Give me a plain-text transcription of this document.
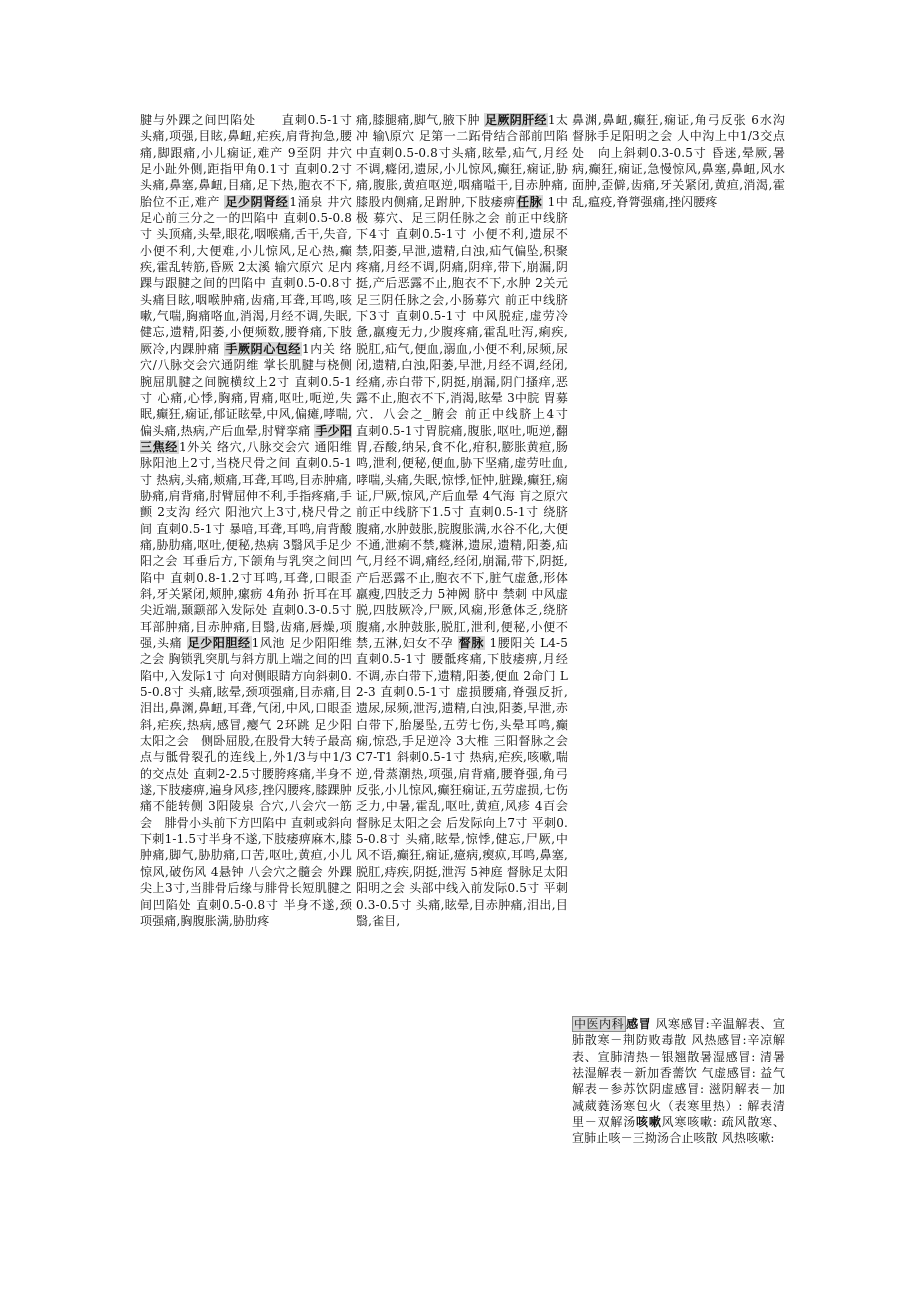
腱与外踝之间凹陷处　　直刺0.5-1寸 头痛,项强,目眩,鼻衄,疟疾,肩背拘急,腰痛,脚跟痛,小儿痫证,难产 9至阴 井穴 足小趾外侧,距指甲角0.1寸 直刺0.2寸 头痛,鼻塞,鼻衄,目痛,足下热,胞衣不下,胎位不正,难产 足少阴肾经1涌泉 井穴 足心前三分之一的凹陷中 直刺0.5-0.8寸 头顶痛,头晕,眼花,咽喉痛,舌干,失音,小便不利,大便难,小儿惊风,足心热,癫疾,霍乱转筋,昏厥 2太溪 输穴原穴 足内踝与跟腱之间的凹陷中 直刺0.5-0.8寸头痛目眩,咽喉肿痛,齿痛,耳聋,耳鸣,咳嗽,气喘,胸痛咯血,消渴,月经不调,失眠,健忘,遗精,阳萎,小便频数,腰脊痛,下肢厥冷,内踝肿痛 手厥阴心包经1内关 络穴/八脉交会穴通阴维 掌长肌腱与桡侧腕屈肌腱之间腕横纹上2寸 直刺0.5-1寸 心痛,心悸,胸痛,胃痛,呕吐,呃逆,失眠,癫狂,痫证,郁证眩晕,中风,偏瘫,哮喘,偏头痛,热病,产后血晕,肘臂挛痛 手少阳三焦经1外关 络穴,八脉交会穴 通阳维脉阳池上2寸,当桡尺骨之间 直刺0.5-1寸 热病,头痛,颊痛,耳聋,耳鸣,目赤肿痛,胁痛,肩背痛,肘臂屈伸不利,手指疼痛,手颤 2支沟 经穴 阳池穴上3寸,桡尺骨之间 直刺0.5-1寸 暴喑,耳聋,耳鸣,肩背酸痛,胁肋痛,呕吐,便秘,热病 3翳风手足少阳之会 耳垂后方,下颌角与乳突之间凹陷中 直刺0.8-1.2寸耳鸣,耳聋,口眼歪斜,牙关紧闭,颊肿,瘰疬 4角孙 折耳在耳尖近端,颞颥部入发际处 直刺0.3-0.5寸耳部肿痛,目赤肿痛,目翳,齿痛,唇燥,项强,头痛 足少阳胆经1风池 足少阳阳维之会 胸锁乳突肌与斜方肌上端之间的凹陷中,入发际1寸 向对侧眼睛方向斜刺0.5-0.8寸 头痛,眩晕,颈项强痛,目赤痛,目泪出,鼻渊,鼻衄,耳聋,气闭,中风,口眼歪斜,疟疾,热病,感冒,瘿气 2环跳 足少阳太阳之会　侧卧屈股,在股骨大转子最高点与骶骨裂孔的连线上,外1/3与中1/3的交点处 直刺2-2.5寸腰胯疼痛,半身不遂,下肢痿痹,遍身风疹,挫闪腰疼,膝踝肿痛不能转侧 3阳陵泉 合穴,八会穴一筋会　腓骨小头前下方凹陷中 直刺或斜向下刺1-1.5寸半身不遂,下肢痿痹麻木,膝肿痛,脚气,胁肋痛,口苦,呕吐,黄疸,小儿惊风,破伤风 4悬钟 八会穴之髓会 外踝尖上3寸,当腓骨后缘与腓骨长短肌腱之间凹陷处 直刺0.5-0.8寸 半身不遂,颈项强痛,胸腹胀满,胁肋疼
痛,膝腿痛,脚气,腋下肿 足厥阴肝经1太冲 输\原穴 足第一二跖骨结合部前凹陷中直刺0.5-0.8寸头痛,眩晕,疝气,月经不调,癃闭,遗尿,小儿惊风,癫狂,痫证,胁痛,腹胀,黄疸呕逆,咽痛嗌干,目赤肿痛,膝股内侧痛,足跗肿,下肢痿痹任脉 1中极 募穴、足三阴任脉之会 前正中线脐下4寸 直刺0.5-1寸 小便不利,遗尿不禁,阳萎,早泄,遗精,白浊,疝气偏坠,积聚疼痛,月经不调,阴痛,阴痒,带下,崩漏,阴挺,产后恶露不止,胞衣不下,水肿 2关元 足三阴任脉之会,小肠募穴 前正中线脐下3寸 直刺0.5-1寸 中风脱症,虚劳冷惫,羸瘦无力,少腹疼痛,霍乱吐泻,痢疾,脱肛,疝气,便血,溺血,小便不利,尿频,尿闭,遗精,白浊,阳萎,早泄,月经不调,经闭,经痛,赤白带下,阴挺,崩漏,阴门搔痒,恶露不止,胞衣不下,消渴,眩晕 3中脘 胃募穴．八会之_腑会 前正中线脐上4寸　　直刺0.5-1寸胃脘痛,腹胀,呕吐,呃逆,翻胃,吞酸,纳呆,食不化,疳积,膨胀黄疸,肠鸣,泄利,便秘,便血,胁下坚痛,虚劳吐血,哮喘,头痛,失眠,惊悸,怔忡,脏躁,癫狂,痫证,尸厥,惊风,产后血晕 4气海 肓之原穴 前正中线脐下1.5寸 直刺0.5-1寸 绕脐腹痛,水肿鼓胀,脘腹胀满,水谷不化,大便不通,泄痢不禁,癃淋,遗尿,遗精,阳萎,疝气,月经不调,痛经,经闭,崩漏,带下,阴挺,产后恶露不止,胞衣不下,脏气虚惫,形体羸瘦,四肢乏力 5神阙 脐中 禁刺 中风虚脱,四肢厥冷,尸厥,风痫,形惫体乏,绕脐腹痛,水肿鼓胀,脱肛,泄利,便秘,小便不禁,五淋,妇女不孕 督脉 1腰阳关 L4-5 直刺0.5-1寸 腰骶疼痛,下肢痿痹,月经不调,赤白带下,遗精,阳萎,便血 2命门 L2-3 直刺0.5-1寸 虚损腰痛,脊强反折,遗尿,尿频,泄泻,遗精,白浊,阳萎,早泄,赤白带下,胎屡坠,五劳七伤,头晕耳鸣,癫痫,惊恐,手足逆冷 3大椎 三阳督脉之会 C7-T1 斜刺0.5-1寸 热病,疟疾,咳嗽,喘逆,骨蒸潮热,项强,肩背痛,腰脊强,角弓反张,小儿惊风,癫狂痫证,五劳虚损,七伤乏力,中暑,霍乱,呕吐,黄疸,风疹 4百会 督脉足太阳之会 后发际向上7寸 平刺0.5-0.8寸 头痛,眩晕,惊悸,健忘,尸厥,中风不语,癫狂,痫证,癔病,瘈疭,耳鸣,鼻塞,脱肛,痔疾,阴挺,泄泻 5神庭 督脉足太阳阳明之会 头部中线入前发际0.5寸 平刺0.3-0.5寸 头痛,眩晕,目赤肿痛,泪出,目翳,雀目,
鼻渊,鼻衄,癫狂,痫证,角弓反张 6水沟 督脉手足阳明之会 人中沟上中1/3交点处　向上斜刺0.3-0.5寸 昏迷,晕厥,暑病,癫狂,痫证,急慢惊风,鼻塞,鼻衄,风水面肿,歪僻,齿痛,牙关紧闭,黄疸,消渴,霍乱,瘟疫,脊膂强痛,挫闪腰疼
中医内科 感冒 风寒感冒:辛温解表、宣肺散寒－荆防败毒散 风热感冒:辛凉解表、宣肺清热－银翘散暑湿感冒: 清暑祛湿解表－新加香薷饮 气虚感冒: 益气解表－参苏饮阴虚感冒: 滋阴解表－加减葳蕤汤寒包火（表寒里热）: 解表清里－双解汤咳嗽风寒咳嗽: 疏风散寒、宣肺止咳－三拗汤合止咳散 风热咳嗽:
